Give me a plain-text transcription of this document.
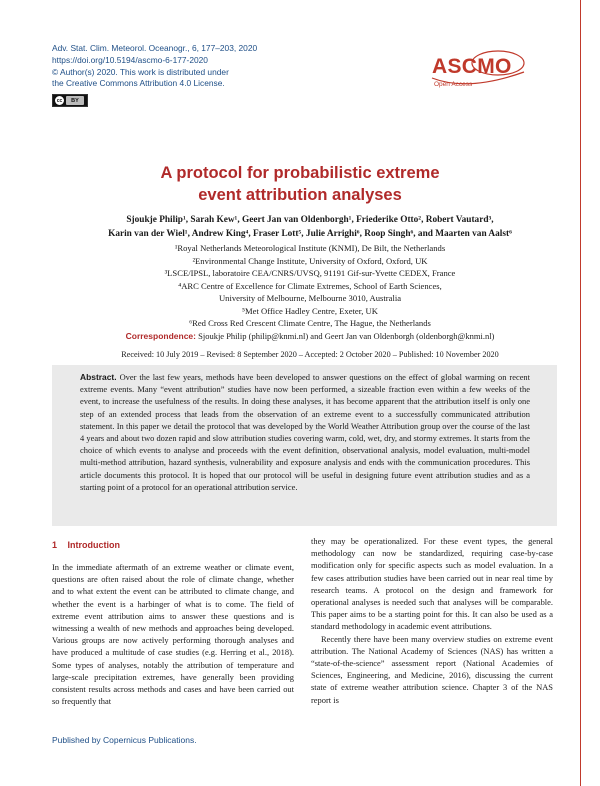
Adv. Stat. Clim. Meteorol. Oceanogr., 6, 177–203, 2020
https://doi.org/10.5194/ascmo-6-177-2020
© Author(s) 2020. This work is distributed under
the Creative Commons Attribution 4.0 License.
cc	BY
ASCMO
Open Access
A protocol for probabilistic extreme
event attribution analyses
Sjoukje Philip¹, Sarah Kew¹, Geert Jan van Oldenborgh¹, Friederike Otto², Robert Vautard³,
Karin van der Wiel¹, Andrew King⁴, Fraser Lott⁵, Julie Arrighi⁶, Roop Singh⁶, and Maarten van Aalst⁶
¹Royal Netherlands Meteorological Institute (KNMI), De Bilt, the Netherlands
²Environmental Change Institute, University of Oxford, Oxford, UK
³LSCE/IPSL, laboratoire CEA/CNRS/UVSQ, 91191 Gif-sur-Yvette CEDEX, France
⁴ARC Centre of Excellence for Climate Extremes, School of Earth Sciences,
University of Melbourne, Melbourne 3010, Australia
⁵Met Office Hadley Centre, Exeter, UK
⁶Red Cross Red Crescent Climate Centre, The Hague, the Netherlands
Correspondence: Sjoukje Philip (philip@knmi.nl) and Geert Jan van Oldenborgh (oldenborgh@knmi.nl)
Received: 10 July 2019 – Revised: 8 September 2020 – Accepted: 2 October 2020 – Published: 10 November 2020
Abstract. Over the last few years, methods have been developed to answer questions on the effect of global warming on recent extreme events. Many “event attribution” studies have now been performed, a sizeable fraction even within a few weeks of the event, to increase the usefulness of the results. In doing these analyses, it has become apparent that the attribution itself is only one step of an extended process that leads from the observation of an extreme event to a successfully communicated attribution statement. In this paper we detail the protocol that was developed by the World Weather Attribution group over the course of the last 4 years and about two dozen rapid and slow attribution studies covering warm, cold, wet, dry, and stormy extremes. It starts from the choice of which events to analyse and proceeds with the event definition, observational analysis, model evaluation, multi-model multi-method attribution, hazard synthesis, vulnerability and exposure analysis and ends with the communication procedures. This article documents this protocol. It is hoped that our protocol will be useful in designing future event attribution studies and as a starting point of a protocol for an operational attribution service.
1 Introduction

In the immediate aftermath of an extreme weather or climate event, questions are often raised about the role of climate change, whether and to what extent the event can be attributed to climate change, and whether the event is a harbinger of what is to come. The field of extreme event attribution aims to answer these questions and is witnessing a wealth of new methods and approaches being developed. Various groups are now actively performing thorough analyses and have produced a multitude of case studies (e.g. Herring et al., 2018). Some types of analyses, notably the attribution of temperature and large-scale precipitation extremes, have generally been providing consistent results across methods and cases and have been carried out so frequently that

they may be operationalized. For these event types, the general methodology can now be standardized, requiring case-by-case modification only for specific aspects such as model evaluation. In a few cases attribution studies have been carried out in near real time by research teams. A protocol on the design and framework for operational analyses is needed such that analyses will be comparable. This paper aims to be a starting point for this. It can also be used as a standard methodology in academic event attributions.

Recently there have been many overview studies on extreme event attribution. The National Academy of Sciences (NAS) has written a “state-of-the-science” assessment report (National Academies of Sciences, Engineering, and Medicine, 2016), discussing the current state of extreme weather attribution science. Chapter 3 of the NAS report is

Published by Copernicus Publications.
